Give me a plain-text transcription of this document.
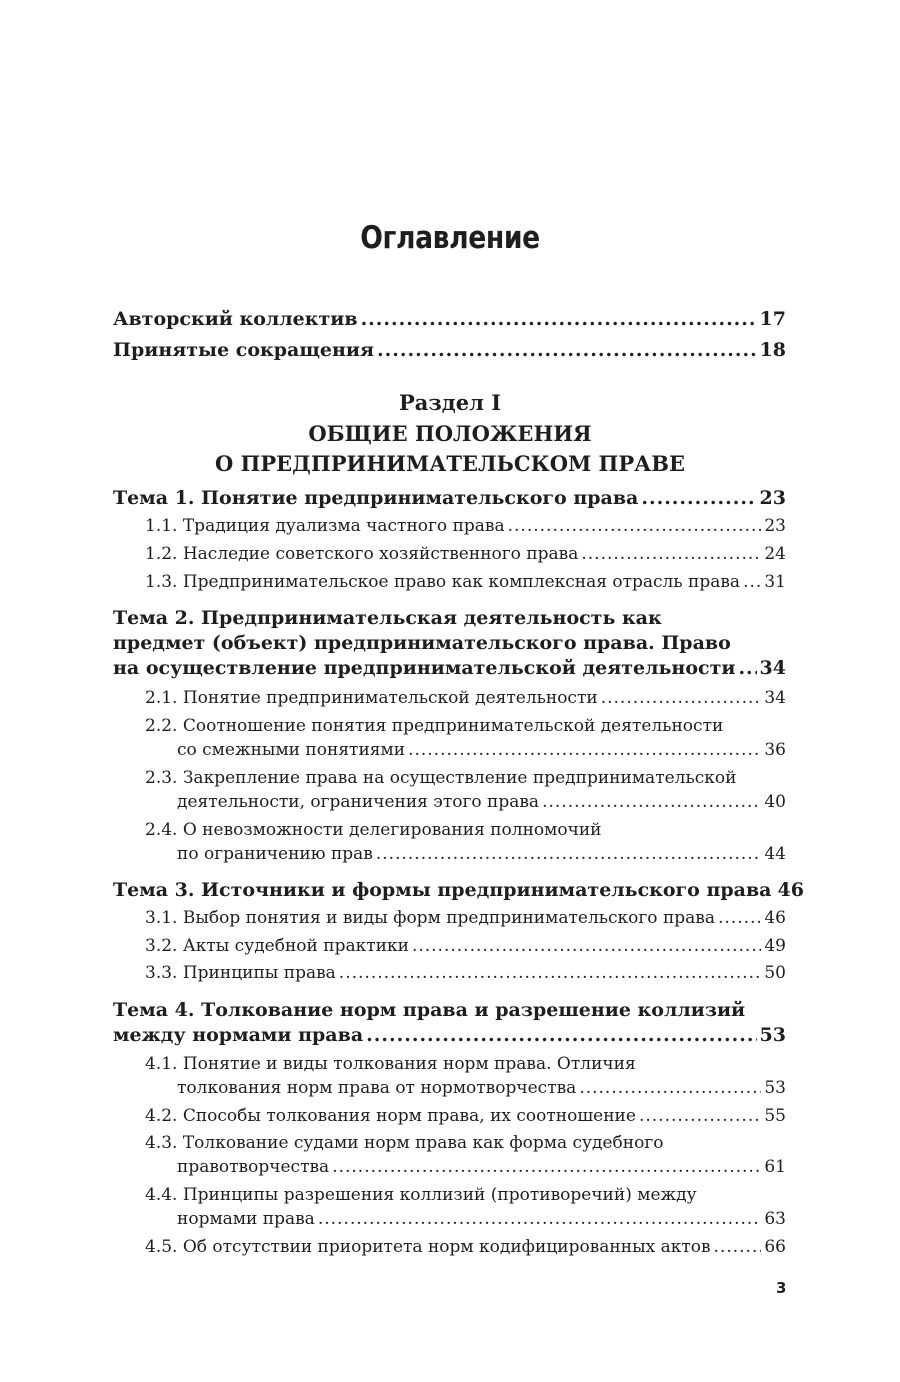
Оглавление
Авторский коллектив .....	17
Принятые сокращения .....	18
Раздел I
ОБЩИЕ ПОЛОЖЕНИЯ
О ПРЕДПРИНИМАТЕЛЬСКОМ ПРАВЕ
Тема 1. Понятие предпринимательского права .....	23
1.1. Традиция дуализма частного права .....	23
1.2. Наследие советского хозяйственного права .....	24
1.3. Предпринимательское право как комплексная отрасль права ..... 31
Тема 2. Предпринимательская деятельность как
предмет (объект) предпринимательского права. Право
на осуществление предпринимательской деятельности ..... 34
2.1. Понятие предпринимательской деятельности .....	34
2.2. Соотношение понятия предпринимательской деятельности
со смежными понятиями .....	36
2.3. Закрепление права на осуществление предпринимательской
деятельности, ограничения этого права .....	40
2.4. О невозможности делегирования полномочий
по ограничению прав .....	44
Тема 3. Источники и формы предпринимательского права 46
3.1. Выбор понятия и виды форм предпринимательского права .....	46
3.2. Акты судебной практики .....	49
3.3. Принципы права .....	50
Тема 4. Толкование норм права и разрешение коллизий
между нормами права .....	53
4.1. Понятие и виды толкования норм права. Отличия
толкования норм права от нормотворчества .....	53
4.2. Способы толкования норм права, их соотношение .....	55
4.3. Толкование судами норм права как форма судебного
правотворчества .....	61
4.4. Принципы разрешения коллизий (противоречий) между
нормами права .....	63
4.5. Об отсутствии приоритета норм кодифицированных актов .....	66
3
